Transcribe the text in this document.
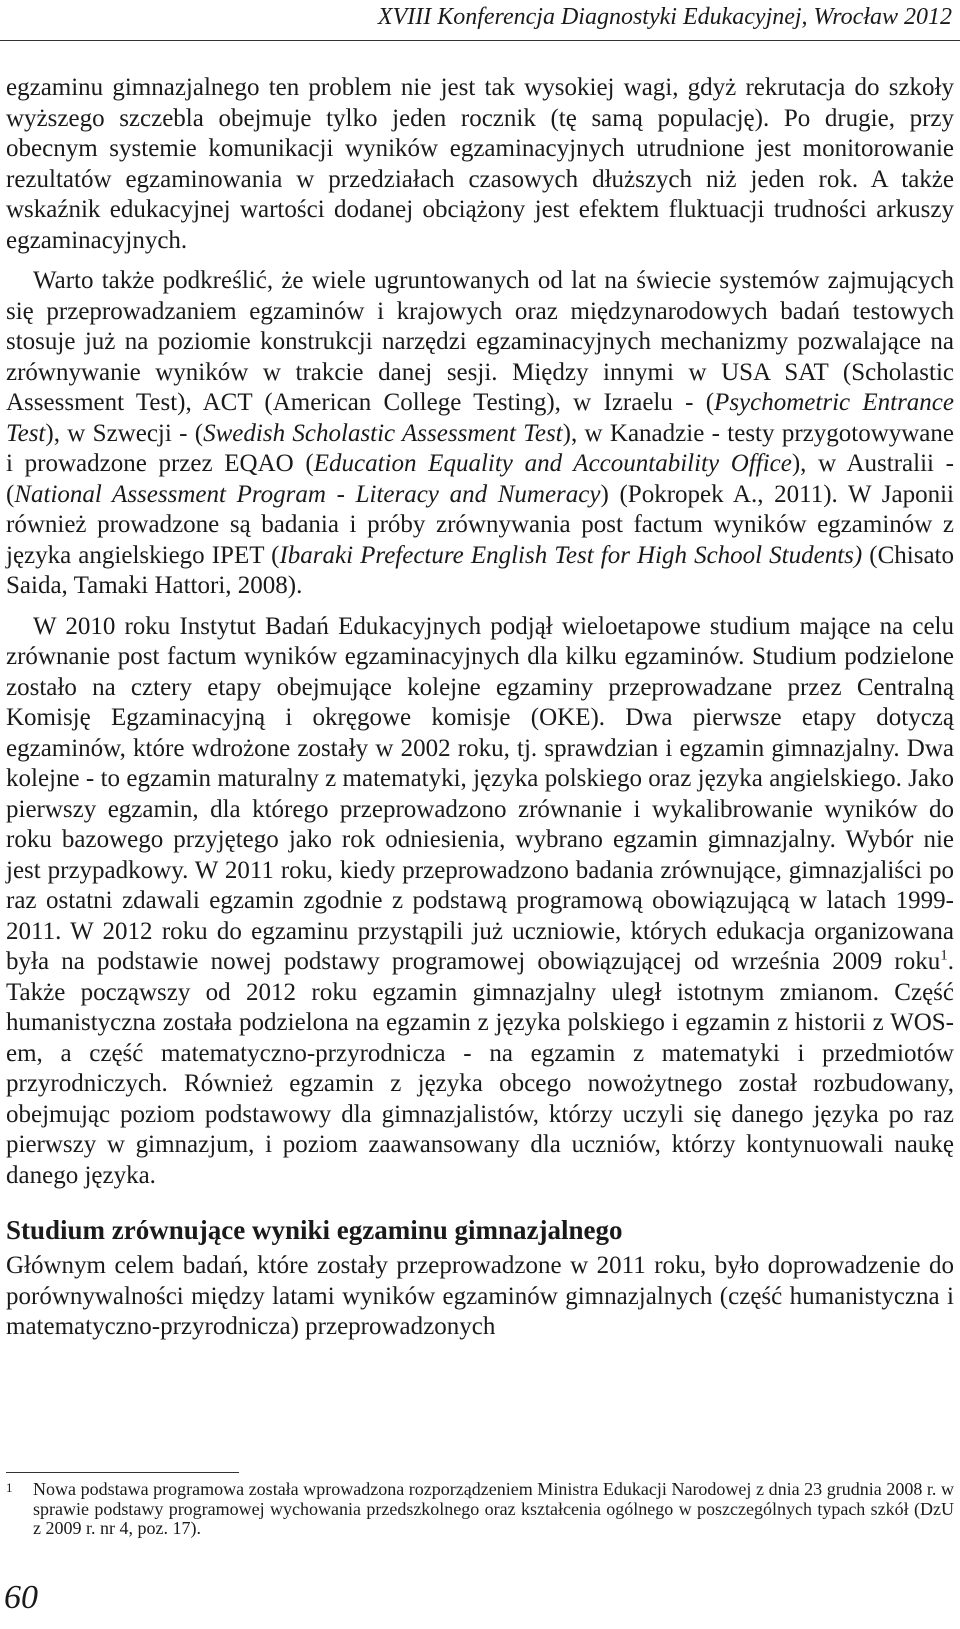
XVIII Konferencja Diagnostyki Edukacyjnej, Wrocław 2012

egzaminu gimnazjalnego ten problem nie jest tak wysokiej wagi, gdyż rekrutacja do szkoły wyższego szczebla obejmuje tylko jeden rocznik (tę samą populację). Po drugie, przy obecnym systemie komunikacji wyników egzaminacyjnych utrudnione jest monitorowanie rezultatów egzaminowania w przedziałach czasowych dłuższych niż jeden rok. A także wskaźnik edukacyjnej wartości dodanej obciążony jest efektem fluktuacji trudności arkuszy egzaminacyjnych.

Warto także podkreślić, że wiele ugruntowanych od lat na świecie systemów zajmujących się przeprowadzaniem egzaminów i krajowych oraz międzynarodowych badań testowych stosuje już na poziomie konstrukcji narzędzi egzaminacyjnych mechanizmy pozwalające na zrównywanie wyników w trakcie danej sesji. Między innymi w USA SAT (Scholastic Assessment Test), ACT (American College Testing), w Izraelu - (Psychometric Entrance Test), w Szwecji - (Swedish Scholastic Assessment Test), w Kanadzie - testy przygotowywane i prowadzone przez EQAO (Education Equality and Accountability Office), w Australii - (National Assessment Program - Literacy and Numeracy) (Pokropek A., 2011). W Japonii również prowadzone są badania i próby zrównywania post factum wyników egzaminów z języka angielskiego IPET (Ibaraki Prefecture English Test for High School Students) (Chisato Saida, Tamaki Hattori, 2008).

W 2010 roku Instytut Badań Edukacyjnych podjął wieloetapowe studium mające na celu zrównanie post factum wyników egzaminacyjnych dla kilku egzaminów. Studium podzielone zostało na cztery etapy obejmujące kolejne egzaminy przeprowadzane przez Centralną Komisję Egzaminacyjną i okręgowe komisje (OKE). Dwa pierwsze etapy dotyczą egzaminów, które wdrożone zostały w 2002 roku, tj. sprawdzian i egzamin gimnazjalny. Dwa kolejne - to egzamin maturalny z matematyki, języka polskiego oraz języka angielskiego. Jako pierwszy egzamin, dla którego przeprowadzono zrównanie i wykalibrowanie wyników do roku bazowego przyjętego jako rok odniesienia, wybrano egzamin gimnazjalny. Wybór nie jest przypadkowy. W 2011 roku, kiedy przeprowadzono badania zrównujące, gimnazjaliści po raz ostatni zdawali egzamin zgodnie z podstawą programową obowiązującą w latach 1999-2011. W 2012 roku do egzaminu przystąpili już uczniowie, których edukacja organizowana była na podstawie nowej podstawy programowej obowiązującej od września 2009 roku$^1$. Także począwszy od 2012 roku egzamin gimnazjalny uległ istotnym zmianom. Część humanistyczna została podzielona na egzamin z języka polskiego i egzamin z historii z WOS-em, a część matematyczno-przyrodnicza - na egzamin z matematyki i przedmiotów przyrodniczych. Również egzamin z języka obcego nowożytnego został rozbudowany, obejmując poziom podstawowy dla gimnazjalistów, którzy uczyli się danego języka po raz pierwszy w gimnazjum, i poziom zaawansowany dla uczniów, którzy kontynuowali naukę danego języka.

Studium zrównujące wyniki egzaminu gimnazjalnego

Głównym celem badań, które zostały przeprowadzone w 2011 roku, było doprowadzenie do porównywalności między latami wyników egzaminów gimnazjalnych (część humanistyczna i matematyczno-przyrodnicza) przeprowadzonych

1 Nowa podstawa programowa została wprowadzona rozporządzeniem Ministra Edukacji Narodowej z dnia 23 grudnia 2008 r. w sprawie podstawy programowej wychowania przedszkolnego oraz kształcenia ogólnego w poszczególnych typach szkół (DzU z 2009 r. nr 4, poz. 17).
60
